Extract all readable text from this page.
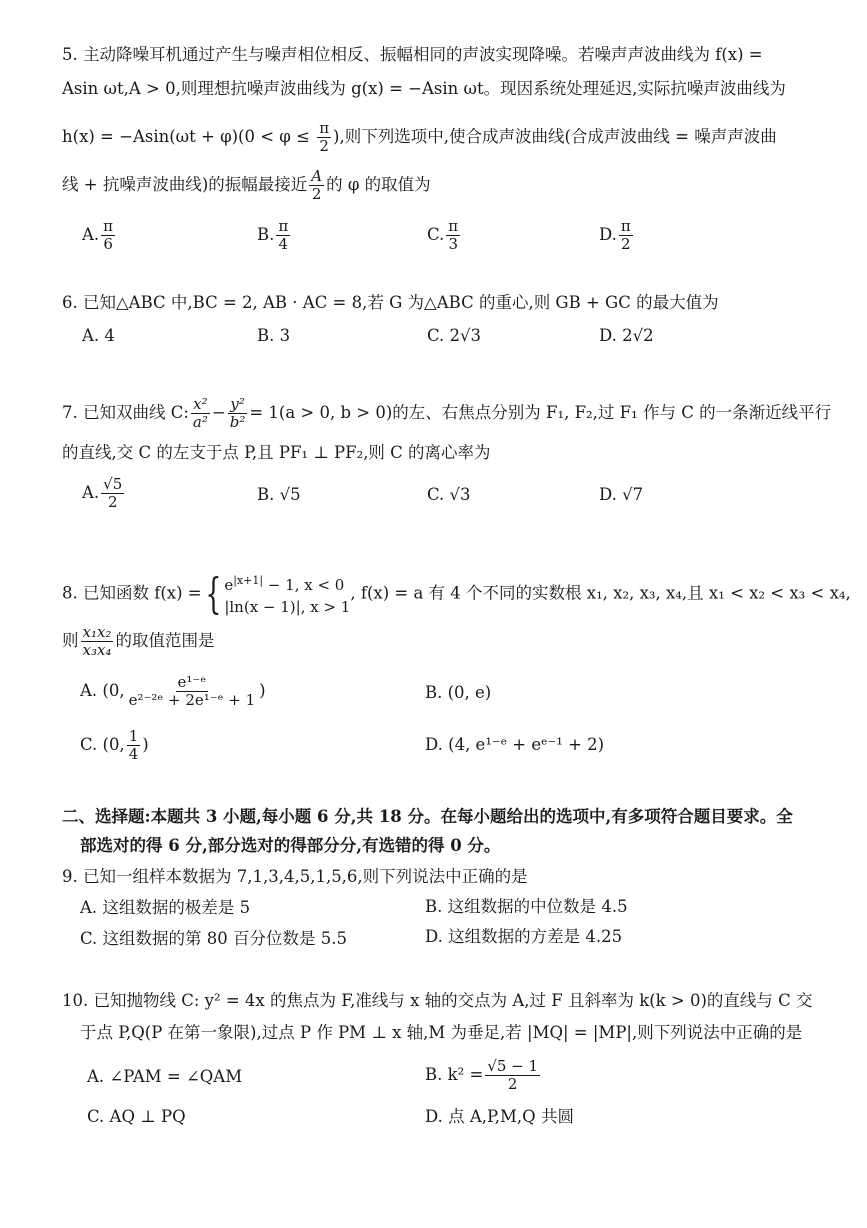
5. 主动降噪耳机通过产生与噪声相位相反、振幅相同的声波实现降噪。若噪声声波曲线为 f(x) =
Asin ωt,A > 0,则理想抗噪声波曲线为 g(x) = −Asin ωt。现因系统处理延迟,实际抗噪声波曲线为
$h(x) = -Asin(\omega t + \varphi)(0 < \varphi \le \frac{\pi}{2}$ ),则下列选项中,使合成声波曲线(合成声波曲线 = 噪声声波曲
线 + 抗噪声波曲线)的振幅最接近 $\frac{A}{2}$ 的 φ 的取值为
A. $\frac{\pi}{6}$	B. $\frac{\pi}{4}$	C. $\frac{\pi}{3}$	D. $\frac{\pi}{2}$
6. 已知△ABC 中,BC = 2, AB · AC = 8,若 G 为△ABC 的重心,则 GB + GC 的最大值为
A. 4	B. 3	C. 2√3	D. 2√2
7. 已知双曲线 C: $\frac{\text{x²}}{\text{a²}} - \frac{\text{y²}}{\text{b²}} = 1(a > 0$, b > 0)的左、右焦点分别为 F₁, F₂,过 F₁ 作与 C 的一条渐近线平行
的直线,交 C 的左支于点 P,且 PF₁ ⊥ PF₂,则 C 的离心率为
A. $\frac{√5}{2}$	B. √5	C. √3	D. √7
8. 已知函数 f(x) ={ $e^{|x+1|} - 1$, x < 0
|ln(x − 1)|, x > 1
, f(x) = a 有 4 个不同的实数根 x₁, x₂, x₃, x₄,且 x₁ < x₂ < x₃ < x₄,
则 $\frac{\text{x₁x₂}}{\text{x₃x₄}}$ 的取值范围是
A. (0, $\frac{\text{e¹⁻ᵉ}}{\text{e²⁻²ᵉ + 2e¹⁻ᵉ + 1}}$ )	B. (0, e)
C. (0, $\frac{1}{4}$ )	D. (4, e¹⁻ᵉ + eᵉ⁻¹ + 2)
二、选择题:本题共 3 小题,每小题 6 分,共 18 分。在每小题给出的选项中,有多项符合题目要求。全
部选对的得 6 分,部分选对的得部分分,有选错的得 0 分。
9. 已知一组样本数据为 7,1,3,4,5,1,5,6,则下列说法中正确的是
A. 这组数据的极差是 5	B. 这组数据的中位数是 4.5
C. 这组数据的第 80 百分位数是 5.5	D. 这组数据的方差是 4.25
10. 已知抛物线 C: y² = 4x 的焦点为 F,准线与 x 轴的交点为 A,过 F 且斜率为 k(k > 0)的直线与 C 交
于点 P,Q(P 在第一象限),过点 P 作 PM ⊥ x 轴,M 为垂足,若 |MQ| = |MP|,则下列说法中正确的是
A. ∠PAM = ∠QAM	B. $k^2 = \frac{√5 - 1}{2}$
C. AQ ⊥ PQ	D. 点 A,P,M,Q 共圆
